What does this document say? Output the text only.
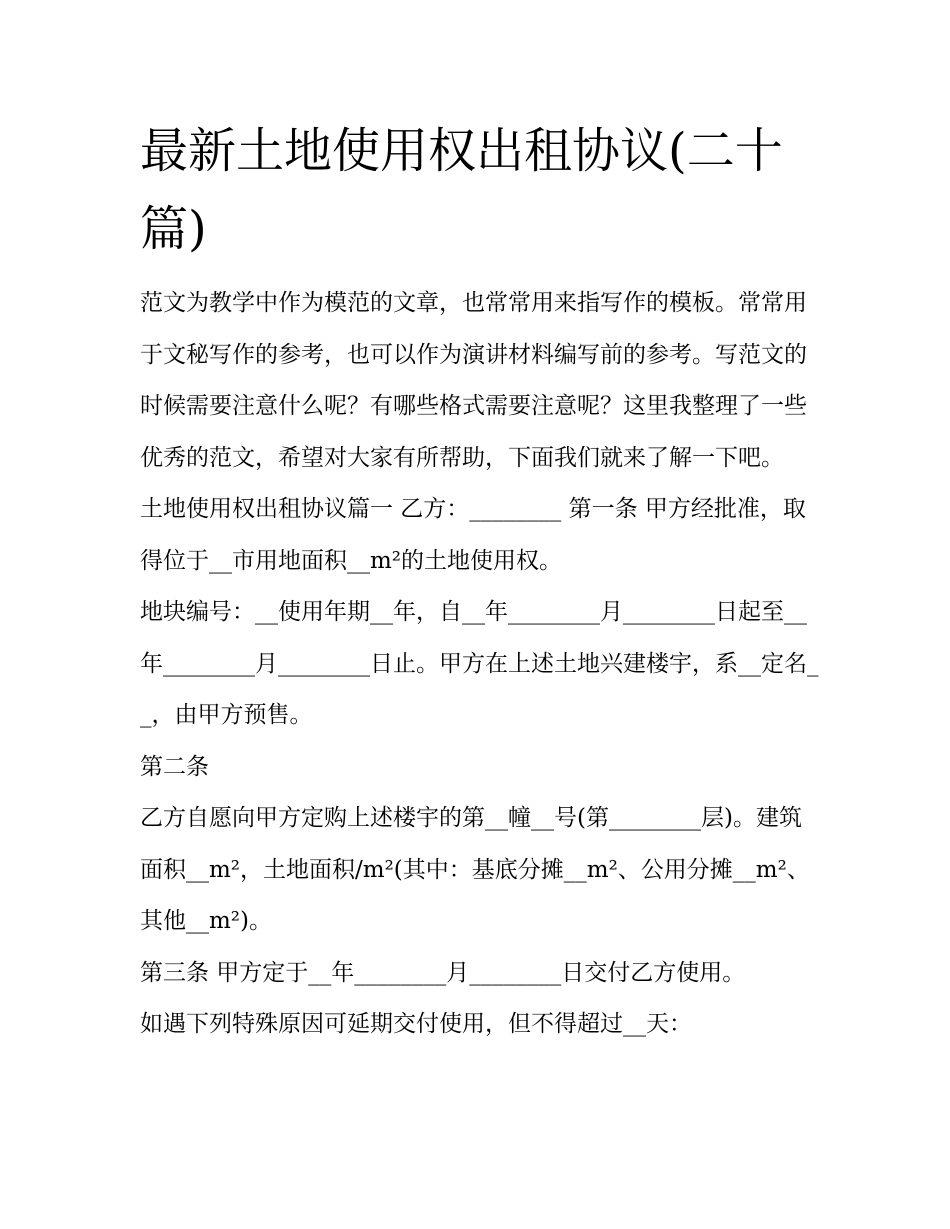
最新土地使用权出租协议(二十篇)

范文为教学中作为模范的文章，也常常用来指写作的模板。常常用于文秘写作的参考，也可以作为演讲材料编写前的参考。写范文的时候需要注意什么呢？有哪些格式需要注意呢？这里我整理了一些优秀的范文，希望对大家有所帮助，下面我们就来了解一下吧。

土地使用权出租协议篇一 乙方：________ 第一条 甲方经批准，取得位于__市用地面积__m²的土地使用权。

地块编号：__使用年期__年，自__年________月________日起至__年________月________日止。甲方在上述土地兴建楼宇，系__定名__，由甲方预售。

第二条

乙方自愿向甲方定购上述楼宇的第__幢__号(第________层)。建筑面积__m²，土地面积/m²(其中：基底分摊__m²、公用分摊__m²、其他__m²)。

第三条 甲方定于__年________月________日交付乙方使用。

如遇下列特殊原因可延期交付使用，但不得超过__天：
